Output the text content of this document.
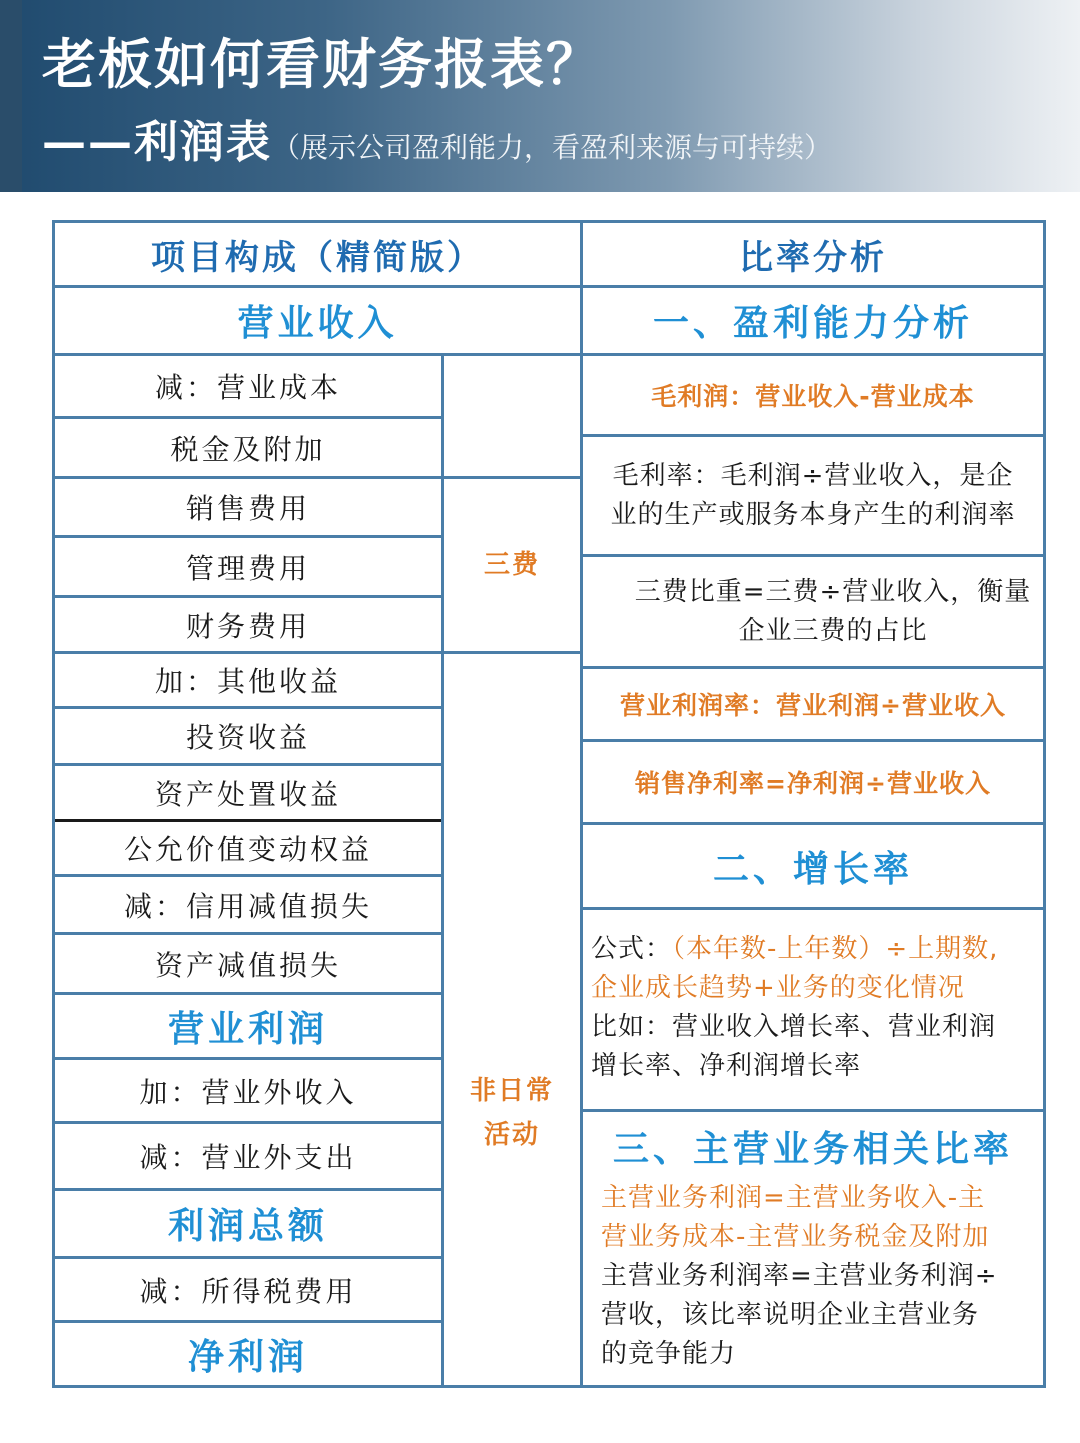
老板如何看财务报表？
——利润表（展示公司盈利能力，看盈利来源与可持续）
项目构成（精简版）	比率分析
营业收入
减：营业成本
税金及附加
销售费用
管理费用
财务费用
加：其他收益
投资收益
资产处置收益
公允价值变动权益
减：信用减值损失
资产减值损失
营业利润
加：营业外收入
减：营业外支出
利润总额
减：所得税费用
净利润
三费
非日常
活动
一、盈利能力分析
毛利润：营业收入-营业成本
毛利率：毛利润÷营业收入，是企
业的生产或服务本身产生的利润率
三费比重=三费÷营业收入，衡量
企业三费的占比
营业利润率：营业利润÷营业收入
销售净利率=净利润÷营业收入
二、增长率
公式：（本年数-上年数）÷上期数,
企业成长趋势+业务的变化情况
比如：营业收入增长率、营业利润
增长率、净利润增长率
三、主营业务相关比率
主营业务利润=主营业务收入-主
营业务成本-主营业务税金及附加
主营业务利润率=主营业务利润÷
营收，该比率说明企业主营业务
的竞争能力
